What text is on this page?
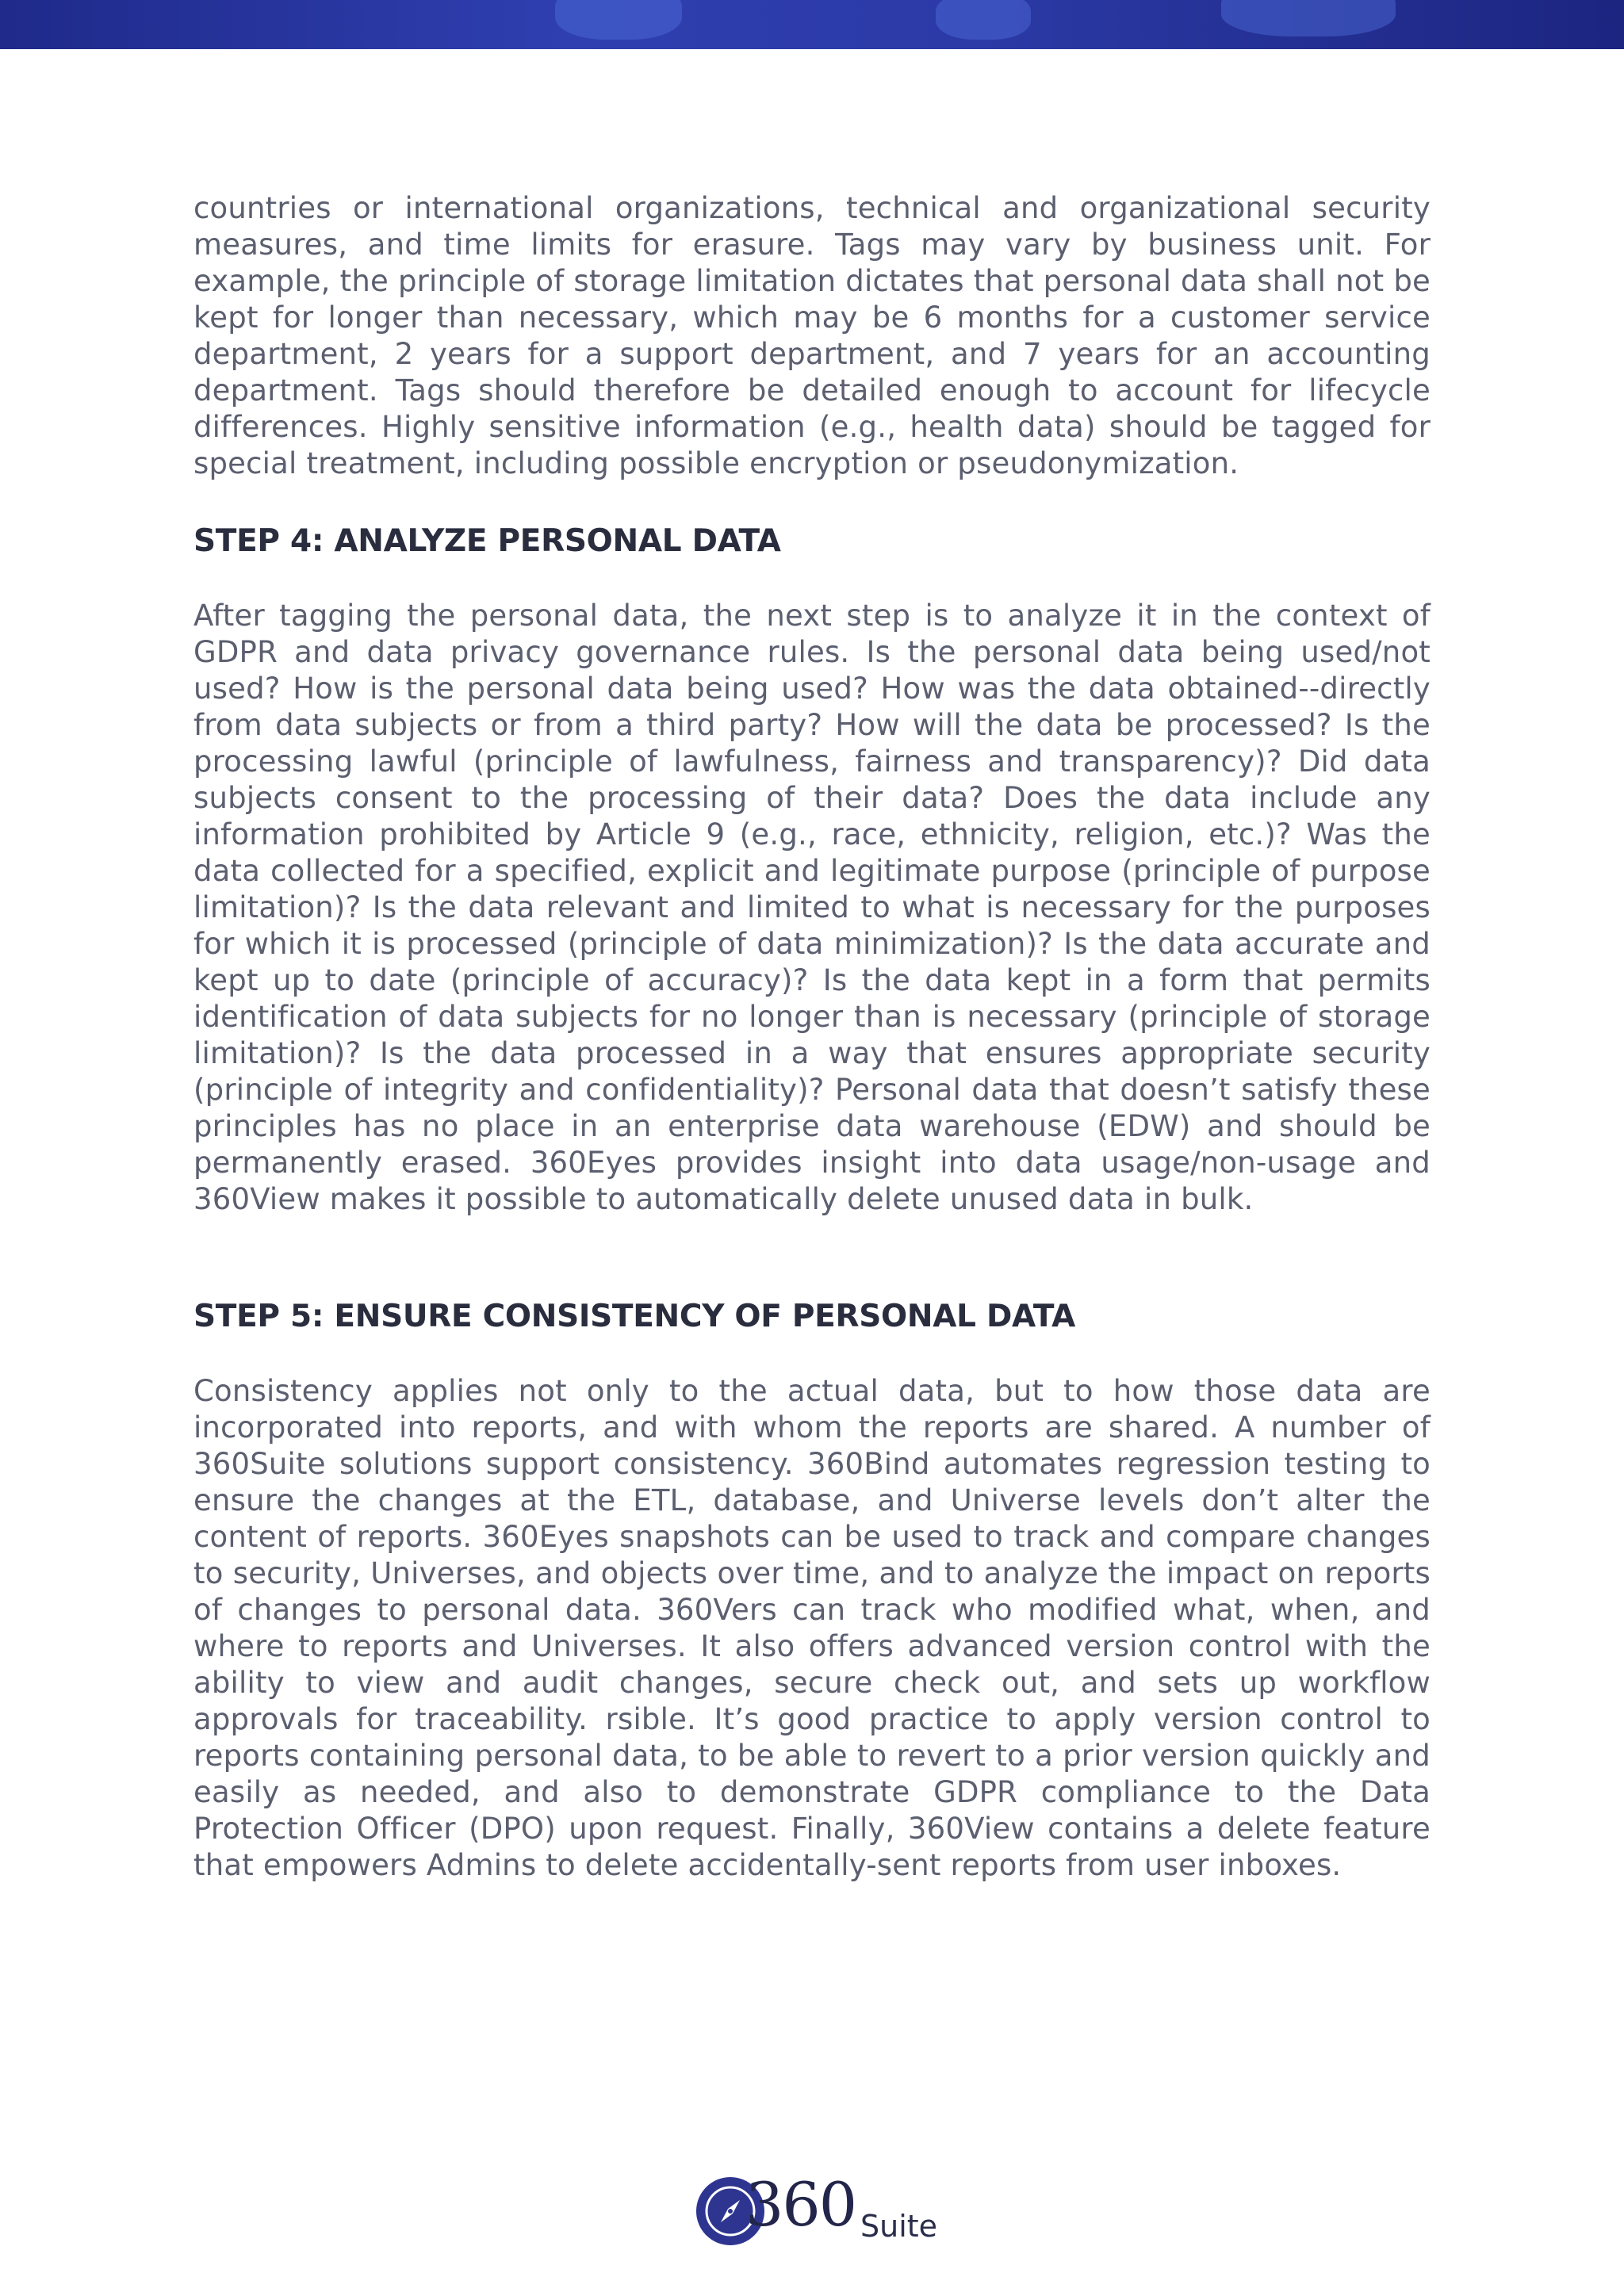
countries or international organizations, technical and organizational security measures, and time limits for erasure. Tags may vary by business unit. For example, the principle of storage limitation dictates that personal data shall not be kept for longer than necessary, which may be 6 months for a customer service department, 2 years for a support department, and 7 years for an accounting department. Tags should therefore be detailed enough to account for lifecycle differences. Highly sensitive information (e.g., health data) should be tagged for special treatment, including possible encryption or pseudonymization.

STEP 4: ANALYZE PERSONAL DATA

After tagging the personal data, the next step is to analyze it in the context of GDPR and data privacy governance rules. Is the personal data being used/not used? How is the personal data being used? How was the data obtained--directly from data subjects or from a third party? How will the data be processed? Is the processing lawful (principle of lawfulness, fairness and transparency)? Did data subjects consent to the processing of their data? Does the data include any information prohibited by Article 9 (e.g., race, ethnicity, religion, etc.)? Was the data collected for a specified, explicit and legitimate purpose (principle of purpose limitation)? Is the data relevant and limited to what is necessary for the purposes for which it is processed (principle of data minimization)? Is the data accurate and kept up to date (principle of accuracy)? Is the data kept in a form that permits identification of data subjects for no longer than is necessary (principle of storage limitation)? Is the data processed in a way that ensures appropriate security (principle of integrity and confidentiality)? Personal data that doesn’t satisfy these principles has no place in an enterprise data warehouse (EDW) and should be permanently erased. 360Eyes provides insight into data usage/non-usage and 360View makes it possible to automatically delete unused data in bulk.

STEP 5: ENSURE CONSISTENCY OF PERSONAL DATA

Consistency applies not only to the actual data, but to how those data are incorporated into reports, and with whom the reports are shared. A number of 360Suite solutions support consistency. 360Bind automates regression testing to ensure the changes at the ETL, database, and Universe levels don’t alter the content of reports. 360Eyes snapshots can be used to track and compare changes to security, Universes, and objects over time, and to analyze the impact on reports of changes to personal data. 360Vers can track who modified what, when, and where to reports and Universes. It also offers advanced version control with the ability to view and audit changes, secure check out, and sets up workflow approvals for traceability. rsible. It’s good practice to apply version control to reports containing personal data, to be able to revert to a prior version quickly and easily as needed, and also to demonstrate GDPR compliance to the Data Protection Officer (DPO) upon request. Finally, 360View contains a delete feature that empowers Admins to delete accidentally-sent reports from user inboxes.

360 Suite
